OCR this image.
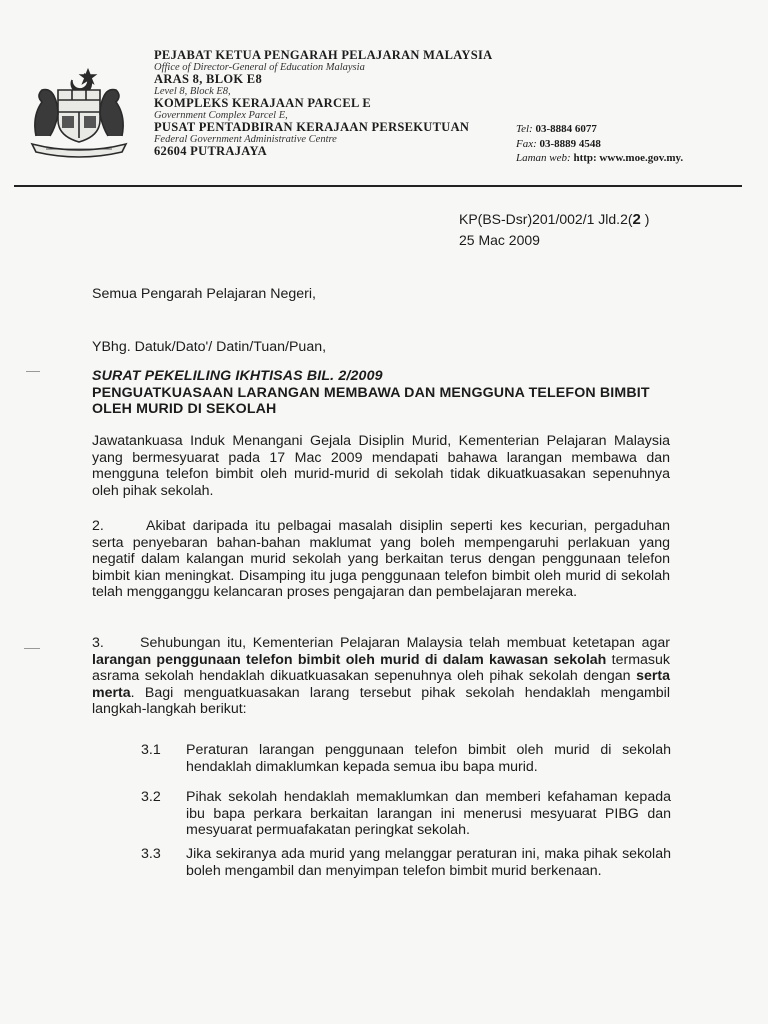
PEJABAT KETUA PENGARAH PELAJARAN MALAYSIA
Office of Director-General of Education Malaysia
ARAS 8, BLOK E8
Level 8, Block E8,
KOMPLEKS KERAJAAN PARCEL E
Government Complex Parcel E,
PUSAT PENTADBIRAN KERAJAAN PERSEKUTUAN
Federal Government Administrative Centre
62604 PUTRAJAYA
Tel: 03-8884 6077
Fax: 03-8889 4548
Laman web: http: www.moe.gov.my.
KP(BS-Dsr)201/002/1 Jld.2(2 )
25 Mac 2009
Semua Pengarah Pelajaran Negeri,
YBhg. Datuk/Dato'/ Datin/Tuan/Puan,
SURAT PEKELILING IKHTISAS BIL. 2/2009
PENGUATKUASAAN LARANGAN MEMBAWA DAN MENGGUNA TELEFON BIMBIT OLEH MURID DI SEKOLAH
Jawatankuasa Induk Menangani Gejala Disiplin Murid, Kementerian Pelajaran Malaysia yang bermesyuarat pada 17 Mac 2009 mendapati bahawa larangan membawa dan mengguna telefon bimbit oleh murid-murid di sekolah tidak dikuatkuasakan sepenuhnya oleh pihak sekolah.
2.	Akibat daripada itu pelbagai masalah disiplin seperti kes kecurian, pergaduhan serta penyebaran bahan-bahan maklumat yang boleh mempengaruhi perlakuan yang negatif dalam kalangan murid sekolah yang berkaitan terus dengan penggunaan telefon bimbit kian meningkat. Disamping itu juga penggunaan telefon bimbit oleh murid di sekolah telah mengganggu kelancaran proses pengajaran dan pembelajaran mereka.
3.	Sehubungan itu, Kementerian Pelajaran Malaysia telah membuat ketetapan agar larangan penggunaan telefon bimbit oleh murid di dalam kawasan sekolah termasuk asrama sekolah hendaklah dikuatkuasakan sepenuhnya oleh pihak sekolah dengan serta merta. Bagi menguatkuasakan larang tersebut pihak sekolah hendaklah mengambil langkah-langkah berikut:
3.1 Peraturan larangan penggunaan telefon bimbit oleh murid di sekolah hendaklah dimaklumkan kepada semua ibu bapa murid.
3.2 Pihak sekolah hendaklah memaklumkan dan memberi kefahaman kepada ibu bapa perkara berkaitan larangan ini menerusi mesyuarat PIBG dan mesyuarat permuafakatan peringkat sekolah.
3.3 Jika sekiranya ada murid yang melanggar peraturan ini, maka pihak sekolah boleh mengambil dan menyimpan telefon bimbit murid berkenaan.
